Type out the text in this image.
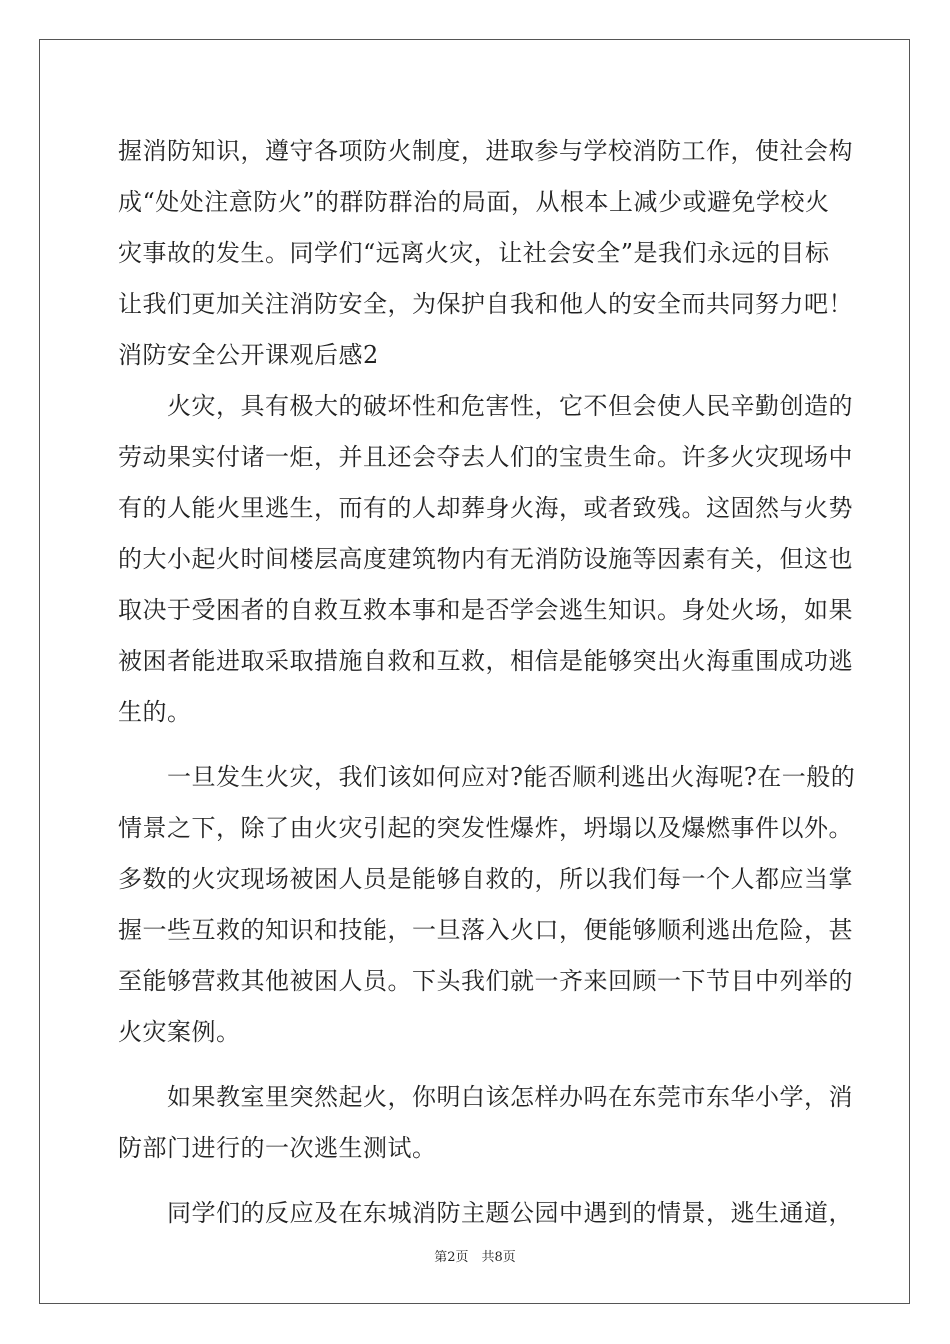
握消防知识，遵守各项防火制度，进取参与学校消防工作，使社会构
成“处处注意防火”的群防群治的局面，从根本上减少或避免学校火
灾事故的发生。同学们“远离火灾，让社会安全”是我们永远的目标
让我们更加关注消防安全，为保护自我和他人的安全而共同努力吧！
消防安全公开课观后感2
　　火灾，具有极大的破坏性和危害性，它不但会使人民辛勤创造的
劳动果实付诸一炬，并且还会夺去人们的宝贵生命。许多火灾现场中
有的人能火里逃生，而有的人却葬身火海，或者致残。这固然与火势
的大小起火时间楼层高度建筑物内有无消防设施等因素有关，但这也
取决于受困者的自救互救本事和是否学会逃生知识。身处火场，如果
被困者能进取采取措施自救和互救，相信是能够突出火海重围成功逃
生的。
　　一旦发生火灾，我们该如何应对?能否顺利逃出火海呢?在一般的
情景之下，除了由火灾引起的突发性爆炸，坍塌以及爆燃事件以外。
多数的火灾现场被困人员是能够自救的，所以我们每一个人都应当掌
握一些互救的知识和技能，一旦落入火口，便能够顺利逃出危险，甚
至能够营救其他被困人员。下头我们就一齐来回顾一下节目中列举的
火灾案例。
　　如果教室里突然起火，你明白该怎样办吗在东莞市东华小学，消
防部门进行的一次逃生测试。
　　同学们的反应及在东城消防主题公园中遇到的情景，逃生通道，
第2页　共8页
